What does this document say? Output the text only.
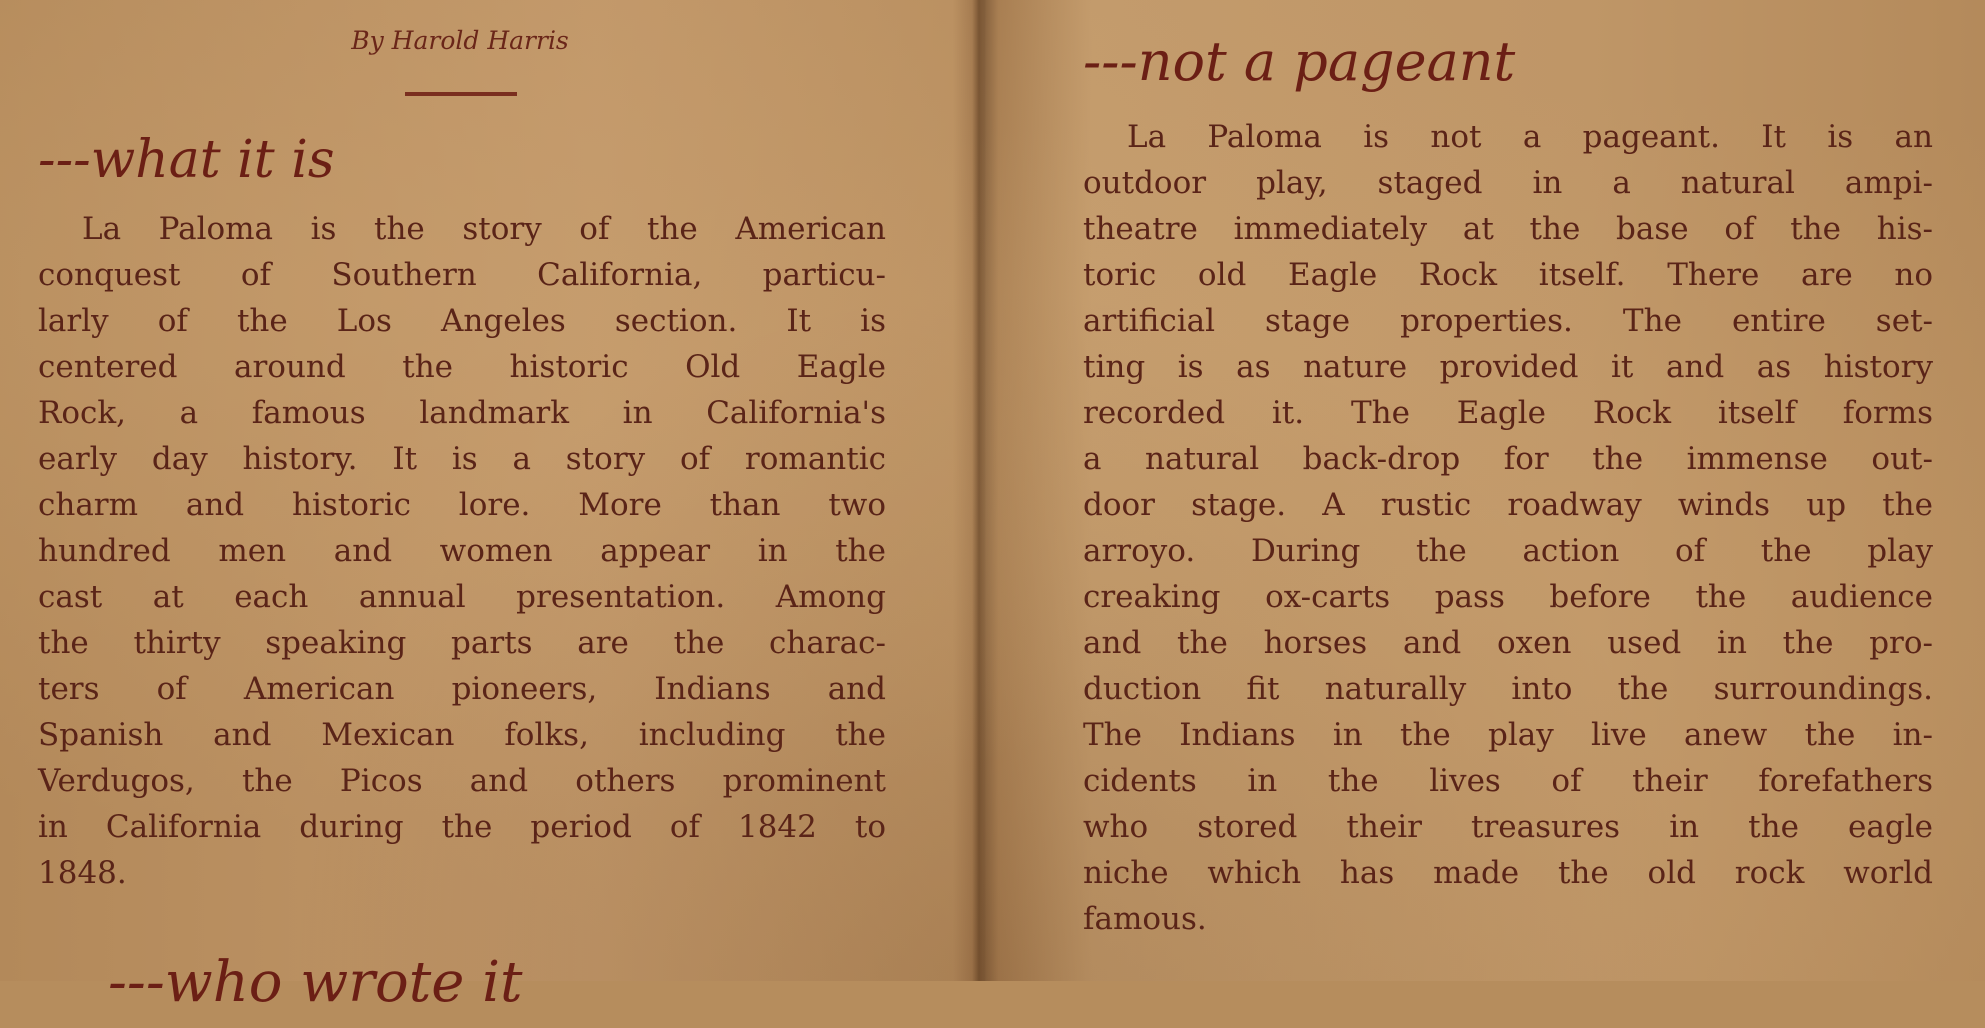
By Harold Harris
---what it is
La Paloma is the story of the American
conquest of Southern California, particu-
larly of the Los Angeles section. It is
centered around the historic Old Eagle
Rock, a famous landmark in California's
early day history. It is a story of romantic
charm and historic lore. More than two
hundred men and women appear in the
cast at each annual presentation. Among
the thirty speaking parts are the charac-
ters of American pioneers, Indians and
Spanish and Mexican folks, including the
Verdugos, the Picos and others prominent
in California during the period of 1842 to
1848.
---who wrote it
---not a pageant
La Paloma is not a pageant. It is an
outdoor play, staged in a natural ampi-
theatre immediately at the base of the his-
toric old Eagle Rock itself. There are no
artificial stage properties. The entire set-
ting is as nature provided it and as history
recorded it. The Eagle Rock itself forms
a natural back-drop for the immense out-
door stage. A rustic roadway winds up the
arroyo. During the action of the play
creaking ox-carts pass before the audience
and the horses and oxen used in the pro-
duction fit naturally into the surroundings.
The Indians in the play live anew the in-
cidents in the lives of their forefathers
who stored their treasures in the eagle
niche which has made the old rock world
famous.
